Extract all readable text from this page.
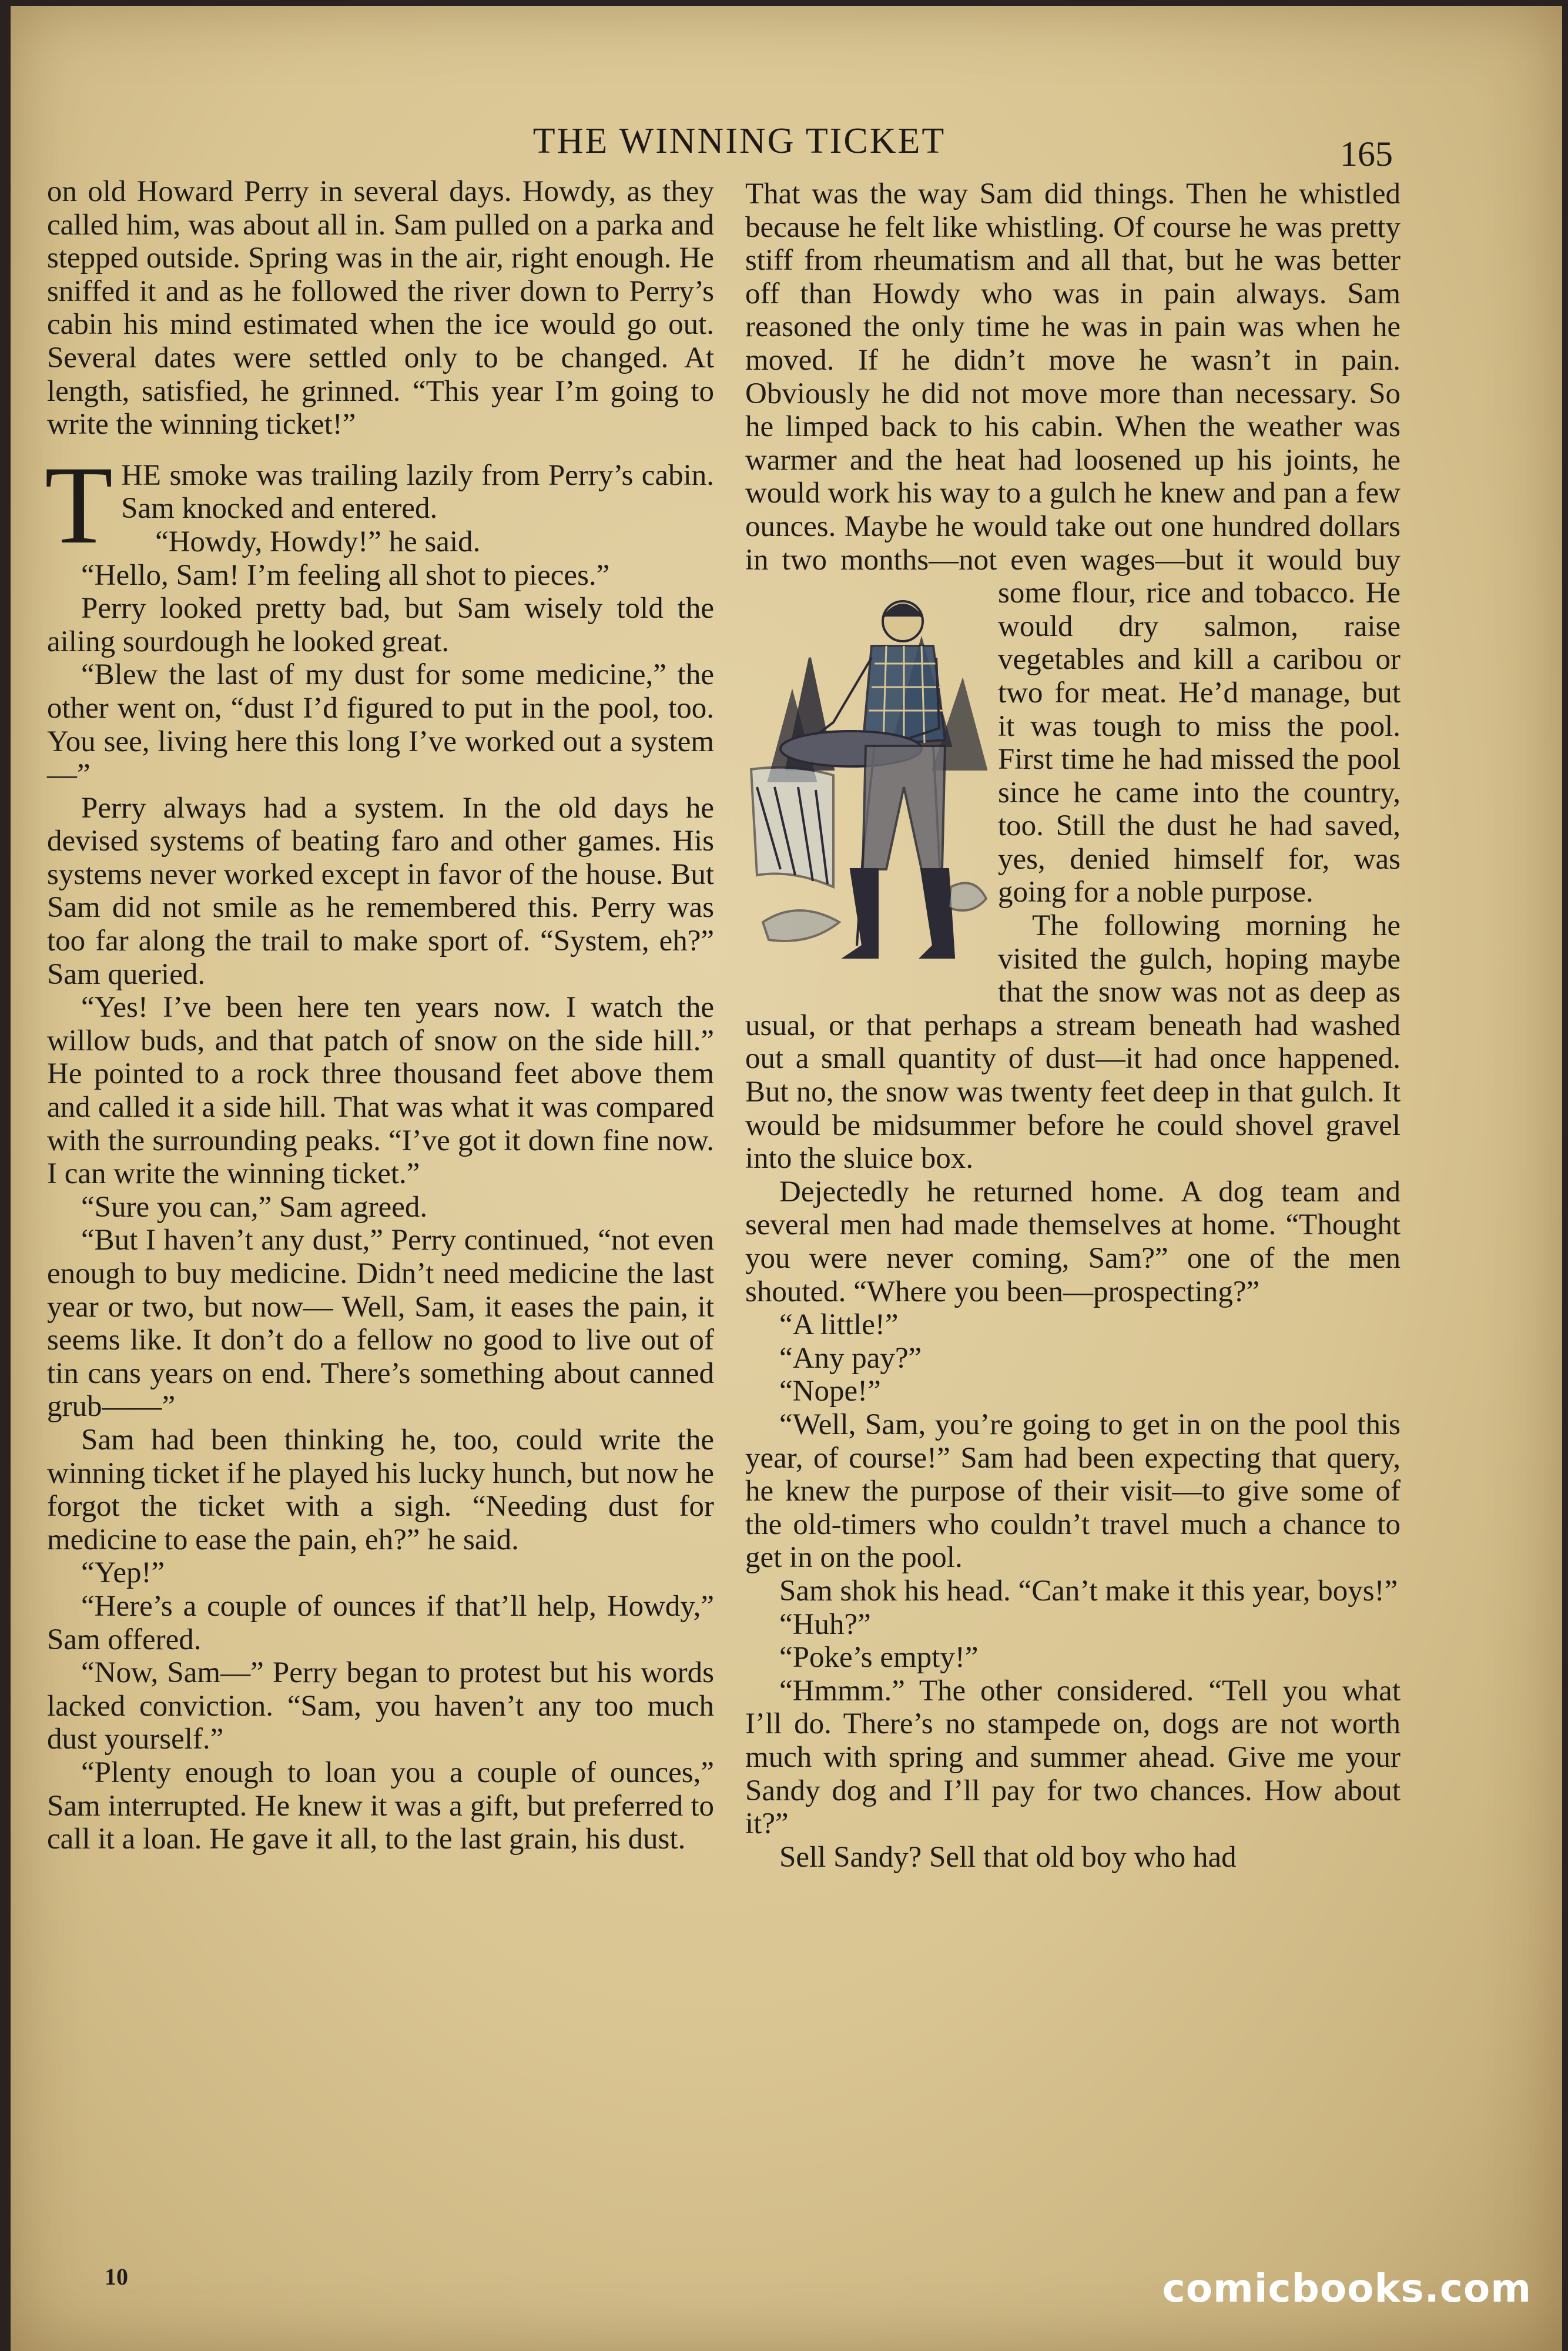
THE WINNING TICKET	165

on old Howard Perry in several days. Howdy, as they called him, was about all in. Sam pulled on a parka and stepped outside. Spring was in the air, right enough. He sniffed it and as he followed the river down to Perry’s cabin his mind estimated when the ice would go out. Several dates were settled only to be changed. At length, satisfied, he grinned. “This year I’m going to write the winning ticket!”

THE smoke was trailing lazily from Perry’s cabin. Sam knocked and entered.

“Howdy, Howdy!” he said.

“Hello, Sam! I’m feeling all shot to pieces.”

Perry looked pretty bad, but Sam wisely told the ailing sourdough he looked great.

“Blew the last of my dust for some medicine,” the other went on, “dust I’d figured to put in the pool, too. You see, living here this long I’ve worked out a system—”

Perry always had a system. In the old days he devised systems of beating faro and other games. His systems never worked except in favor of the house. But Sam did not smile as he remembered this. Perry was too far along the trail to make sport of. “System, eh?” Sam queried.

“Yes! I’ve been here ten years now. I watch the willow buds, and that patch of snow on the side hill.” He pointed to a rock three thousand feet above them and called it a side hill. That was what it was compared with the surrounding peaks. “I’ve got it down fine now. I can write the winning ticket.”

“Sure you can,” Sam agreed.

“But I haven’t any dust,” Perry continued, “not even enough to buy medicine. Didn’t need medicine the last year or two, but now— Well, Sam, it eases the pain, it seems like. It don’t do a fellow no good to live out of tin cans years on end. There’s something about canned grub——”

Sam had been thinking he, too, could write the winning ticket if he played his lucky hunch, but now he forgot the ticket with a sigh. “Needing dust for medicine to ease the pain, eh?” he said.

“Yep!”

“Here’s a couple of ounces if that’ll help, Howdy,” Sam offered.

“Now, Sam—” Perry began to protest but his words lacked conviction. “Sam, you haven’t any too much dust yourself.”

“Plenty enough to loan you a couple of ounces,” Sam interrupted. He knew it was a gift, but preferred to call it a loan. He gave it all, to the last grain, his dust.

That was the way Sam did things. Then he whistled because he felt like whistling. Of course he was pretty stiff from rheumatism and all that, but he was better off than Howdy who was in pain always. Sam reasoned the only time he was in pain was when he moved. If he didn’t move he wasn’t in pain. Obviously he did not move more than necessary. So he limped back to his cabin. When the weather was warmer and the heat had loosened up his joints, he would work his way to a gulch he knew and pan a few ounces. Maybe he would take out one hundred dollars in two months—not even wages—but it would buy some flour, rice and tobacco. He would dry salmon, raise vegetables and kill a caribou or two for meat. He’d manage, but it was tough to miss the pool. First time he had missed the pool since he came into the country, too. Still the dust he had saved, yes, denied himself for, was going for a noble purpose.

The following morning he visited the gulch, hoping maybe that the snow was not as deep as usual, or that perhaps a stream beneath had washed out a small quantity of dust—it had once happened. But no, the snow was twenty feet deep in that gulch. It would be midsummer before he could shovel gravel into the sluice box.

Dejectedly he returned home. A dog team and several men had made themselves at home. “Thought you were never coming, Sam?” one of the men shouted. “Where you been—prospecting?”

“A little!”

“Any pay?”

“Nope!”

“Well, Sam, you’re going to get in on the pool this year, of course!” Sam had been expecting that query, he knew the purpose of their visit—to give some of the old-timers who couldn’t travel much a chance to get in on the pool.

Sam shok his head. “Can’t make it this year, boys!”

“Huh?”

“Poke’s empty!”

“Hmmm.” The other considered. “Tell you what I’ll do. There’s no stampede on, dogs are not worth much with spring and summer ahead. Give me your Sandy dog and I’ll pay for two chances. How about it?”

Sell Sandy? Sell that old boy who had

10	comicbooks.com
